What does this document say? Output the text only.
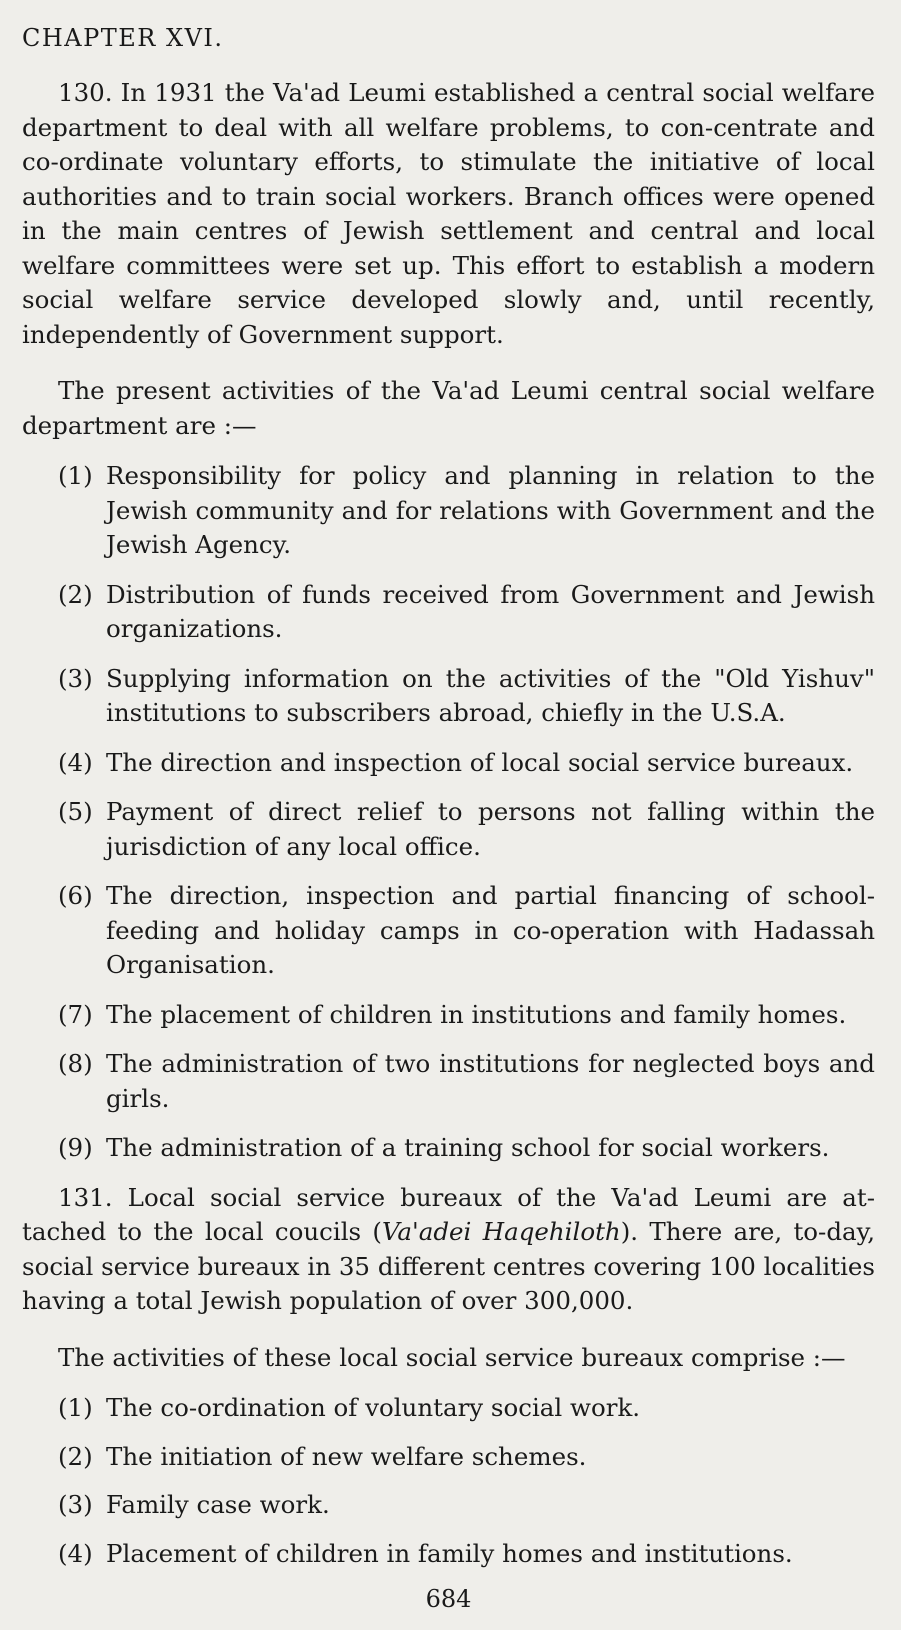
CHAPTER XVI.

130. In 1931 the Va'ad Leumi established a central social welfare department to deal with all welfare problems, to con-centrate and co-ordinate voluntary efforts, to stimulate the initiative of local authorities and to train social workers. Branch offices were opened in the main centres of Jewish settlement and central and local welfare committees were set up. This effort to establish a modern social welfare service developed slowly and, until recently, independently of Government support.

The present activities of the Va'ad Leumi central social welfare department are :—

(1) Responsibility for policy and planning in relation to the Jewish community and for relations with Government and the Jewish Agency.
(2) Distribution of funds received from Government and Jewish organizations.
(3) Supplying information on the activities of the "Old Yishuv" institutions to subscribers abroad, chiefly in the U.S.A.
(4) The direction and inspection of local social service bureaux.
(5) Payment of direct relief to persons not falling within the jurisdiction of any local office.
(6) The direction, inspection and partial financing of school-feeding and holiday camps in co-operation with Hadassah Organisation.
(7) The placement of children in institutions and family homes.
(8) The administration of two institutions for neglected boys and girls.
(9) The administration of a training school for social workers.

131. Local social service bureaux of the Va'ad Leumi are at-tached to the local coucils (Va'adei Haqehiloth). There are, to-day, social service bureaux in 35 different centres covering 100 localities having a total Jewish population of over 300,000.

The activities of these local social service bureaux comprise :—

(1) The co-ordination of voluntary social work.
(2) The initiation of new welfare schemes.
(3) Family case work.
(4) Placement of children in family homes and institutions.
684
